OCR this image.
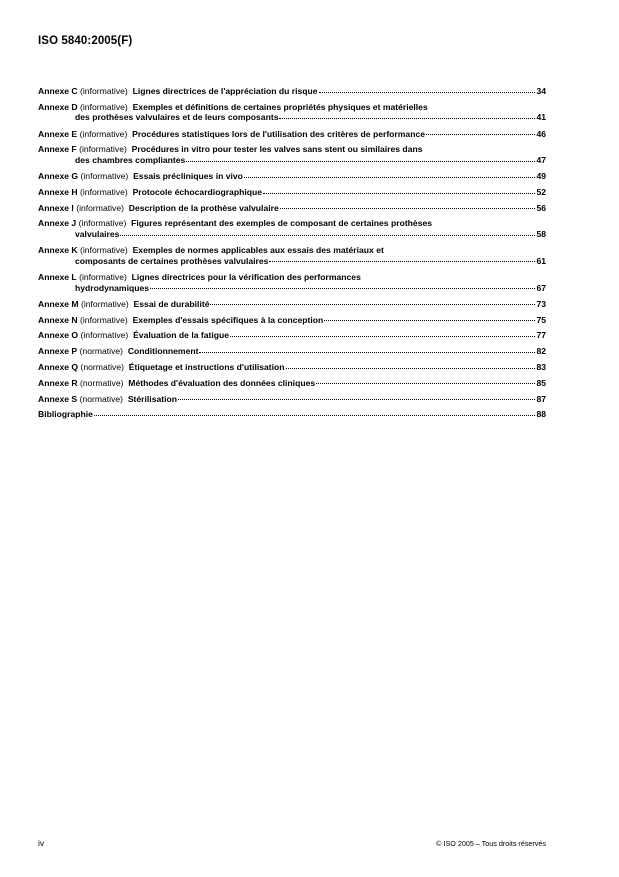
ISO 5840:2005(F)
Annexe C (informative) Lignes directrices de l'appréciation du risque	34
Annexe D (informative) Exemples et définitions de certaines propriétés physiques et matérielles
des prothèses valvulaires et de leurs composants	41
Annexe E (informative) Procédures statistiques lors de l'utilisation des critères de performance	46
Annexe F (informative) Procédures in vitro pour tester les valves sans stent ou similaires dans
des chambres compliantes	47
Annexe G (informative) Essais précliniques in vivo	49
Annexe H (informative) Protocole échocardiographique	52
Annexe I (informative) Description de la prothèse valvulaire	56
Annexe J (informative) Figures représentant des exemples de composant de certaines prothèses
valvulaires	58
Annexe K (informative) Exemples de normes applicables aux essais des matériaux et
composants de certaines prothèses valvulaires	61
Annexe L (informative) Lignes directrices pour la vérification des performances
hydrodynamiques	67
Annexe M (informative) Essai de durabilité	73
Annexe N (informative) Exemples d'essais spécifiques à la conception	75
Annexe O (informative) Évaluation de la fatigue	77
Annexe P (normative) Conditionnement	82
Annexe Q (normative) Étiquetage et instructions d'utilisation	83
Annexe R (normative) Méthodes d'évaluation des données cliniques	85
Annexe S (normative) Stérilisation	87
Bibliographie	88
iv	© ISO 2005 – Tous droits réservés
